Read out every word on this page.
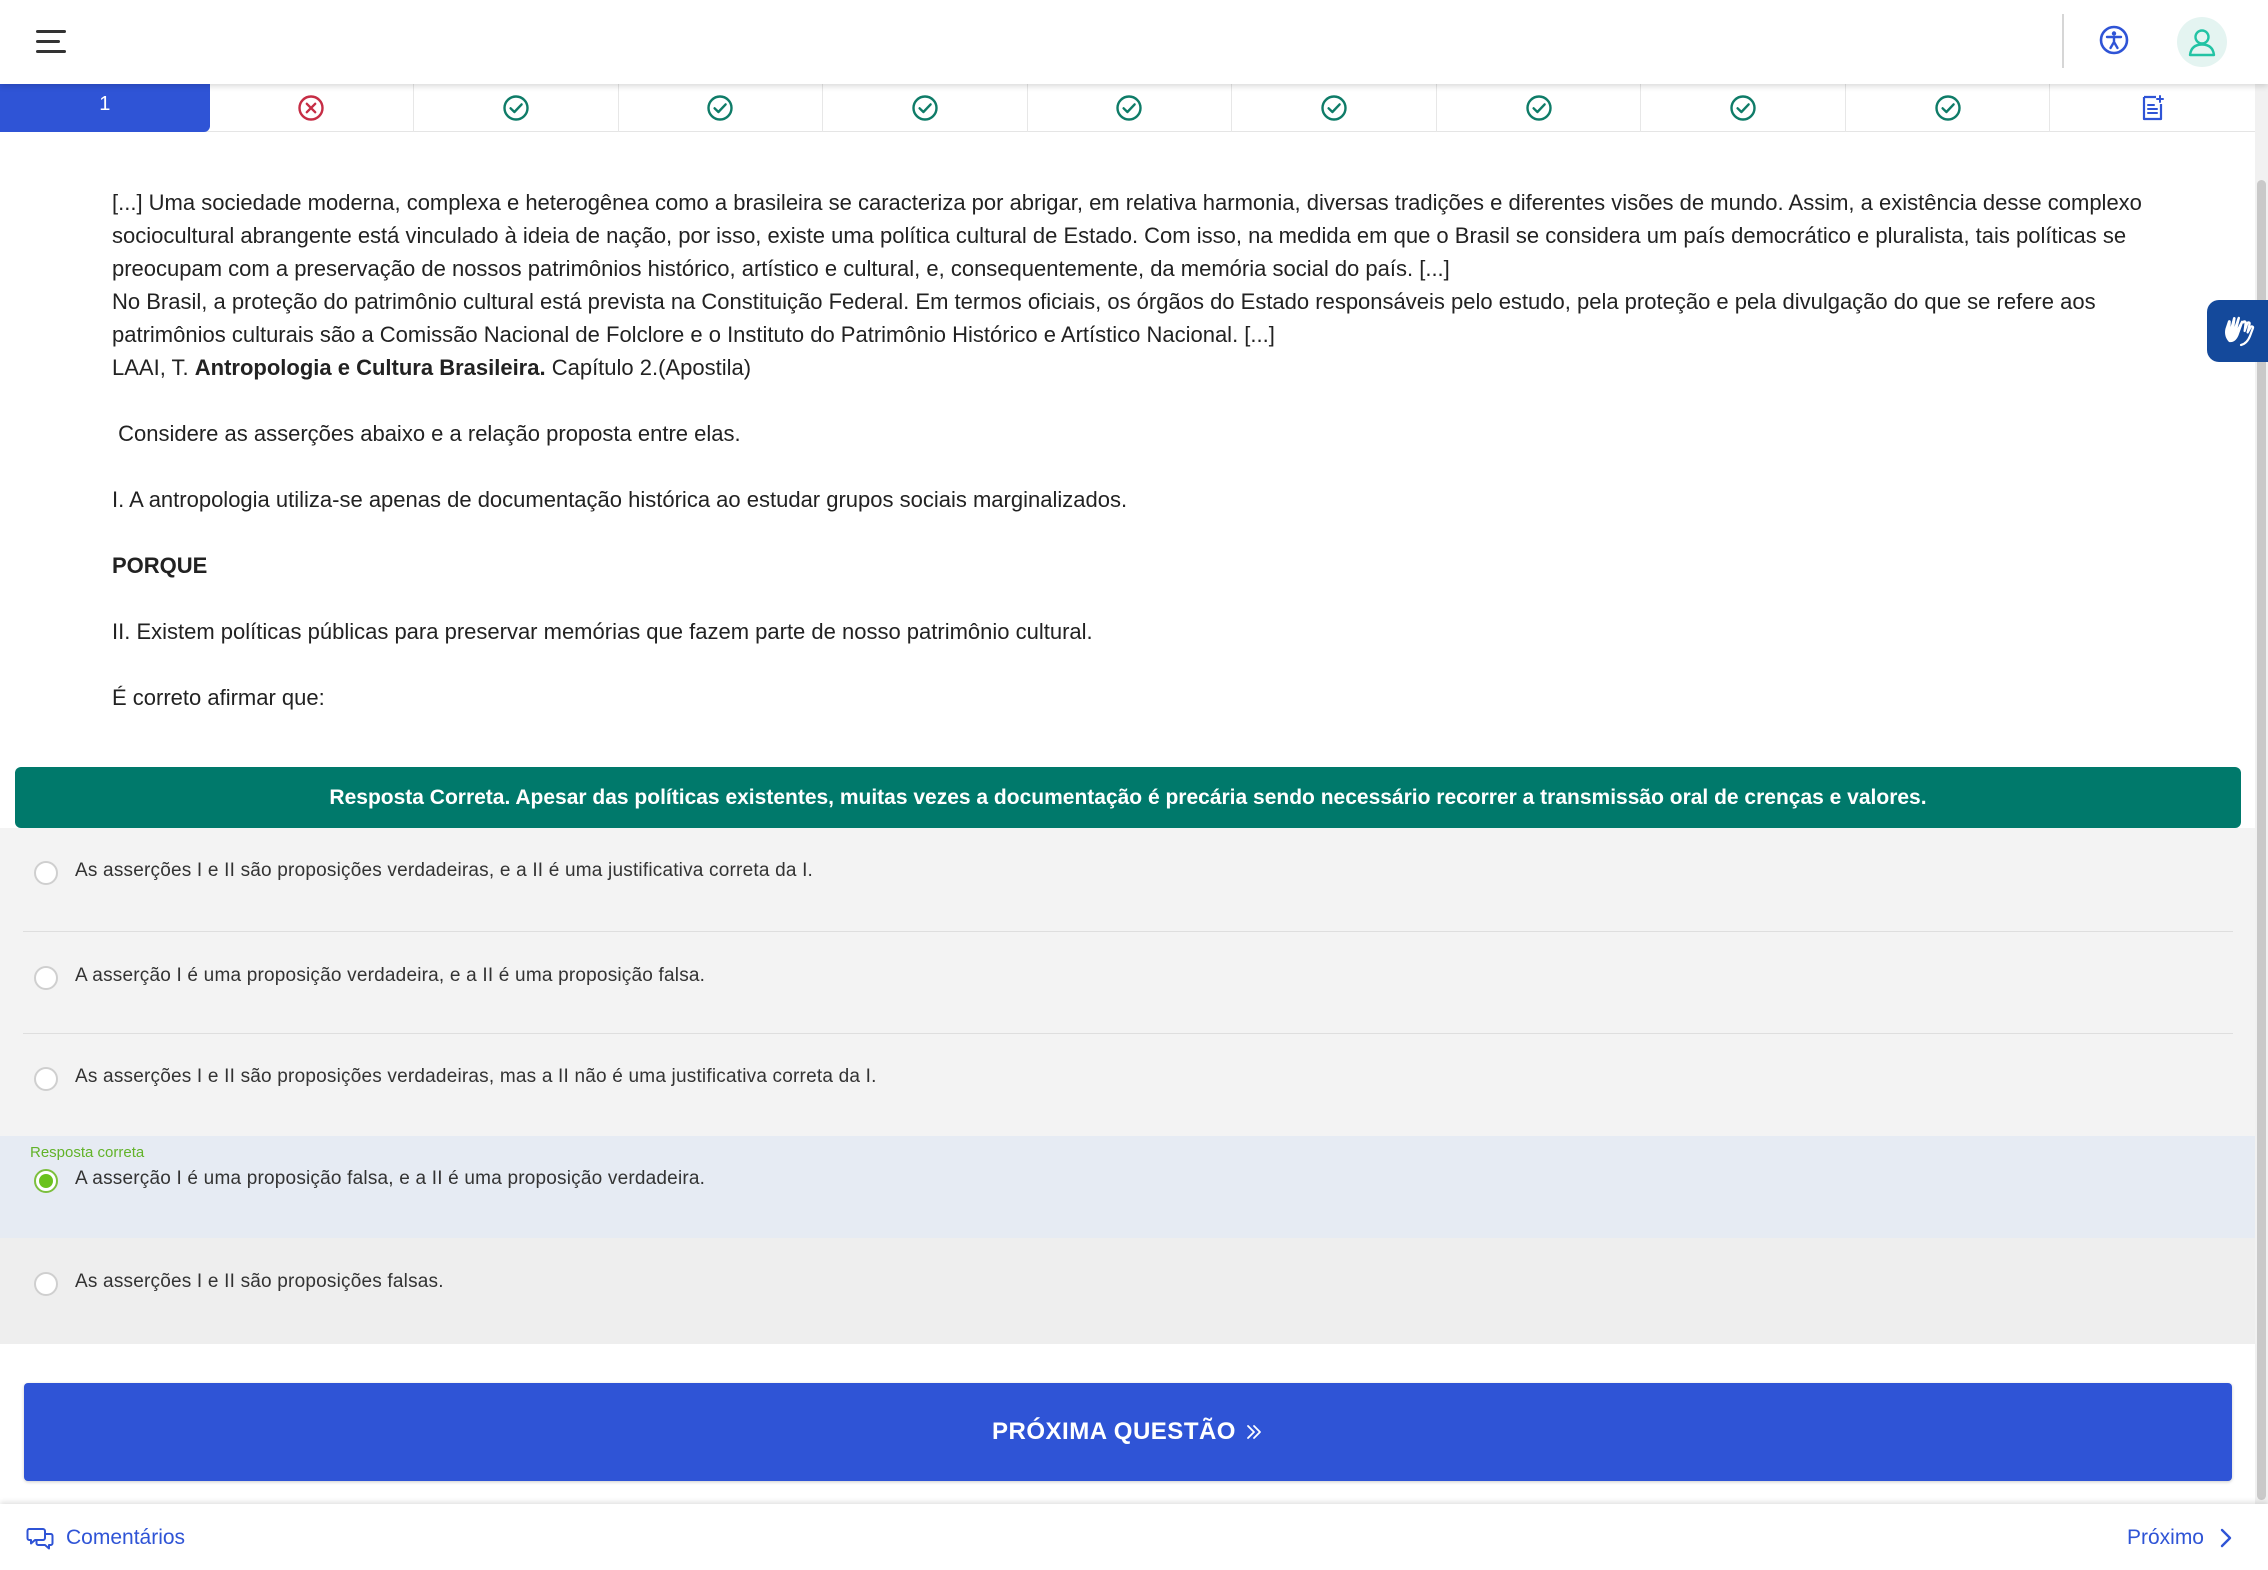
1

[...] Uma sociedade moderna, complexa e heterogênea como a brasileira se caracteriza por abrigar, em relativa harmonia, diversas tradições e diferentes visões de mundo. Assim, a existência desse complexo sociocultural abrangente está vinculado à ideia de nação, por isso, existe uma política cultural de Estado. Com isso, na medida em que o Brasil se considera um país democrático e pluralista, tais políticas se preocupam com a preservação de nossos patrimônios histórico, artístico e cultural, e, consequentemente, da memória social do país. [...]

No Brasil, a proteção do patrimônio cultural está prevista na Constituição Federal. Em termos oficiais, os órgãos do Estado responsáveis pelo estudo, pela proteção e pela divulgação do que se refere aos patrimônios culturais são a Comissão Nacional de Folclore e o Instituto do Patrimônio Histórico e Artístico Nacional. [...]

LAAI, T. Antropologia e Cultura Brasileira. Capítulo 2.(Apostila)

Considere as asserções abaixo e a relação proposta entre elas.

I. A antropologia utiliza-se apenas de documentação histórica ao estudar grupos sociais marginalizados.

PORQUE

II. Existem políticas públicas para preservar memórias que fazem parte de nosso patrimônio cultural.

É correto afirmar que:

Resposta Correta. Apesar das políticas existentes, muitas vezes a documentação é precária sendo necessário recorrer a transmissão oral de crenças e valores.
As asserções I e II são proposições verdadeiras, e a II é uma justificativa correta da I.
A asserção I é uma proposição verdadeira, e a II é uma proposição falsa.
As asserções I e II são proposições verdadeiras, mas a II não é uma justificativa correta da I.
Resposta correta
A asserção I é uma proposição falsa, e a II é uma proposição verdadeira.
As asserções I e II são proposições falsas.
PRÓXIMA QUESTÃO
Comentários	Próximo
